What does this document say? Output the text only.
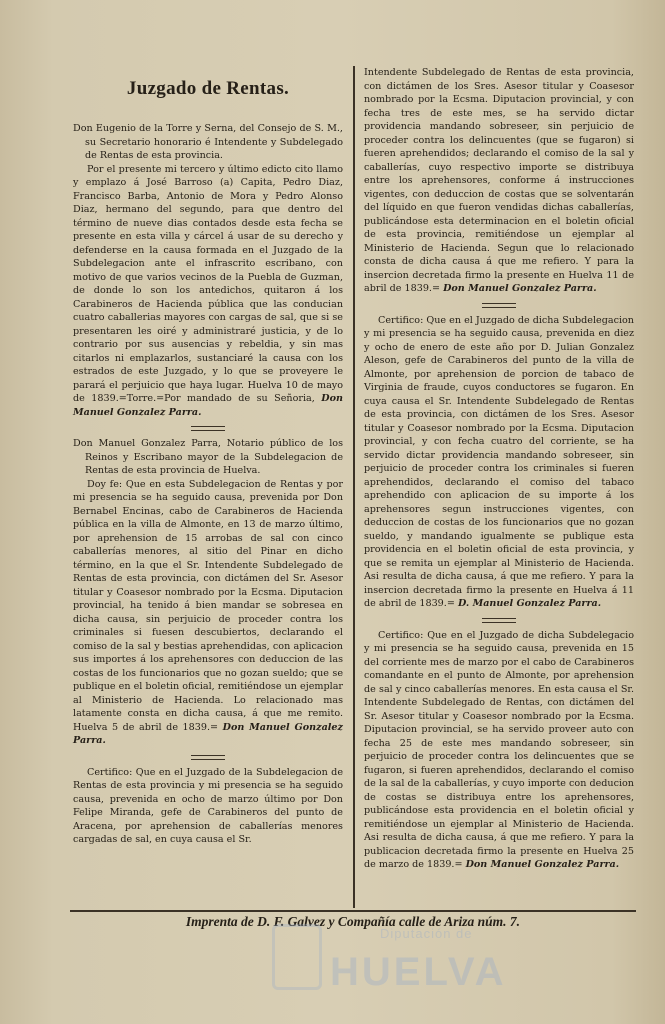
Juzgado de Rentas.

Don Eugenio de la Torre y Serna, del Consejo de S. M., su Secretario honorario é Intendente y Subdelegado de Rentas de esta provincia.

Por el presente mi tercero y último edicto cito llamo y emplazo á José Barroso (a) Capita, Pedro Diaz, Francisco Barba, Antonio de Mora y Pedro Alonso Diaz, hermano del segundo, para que dentro del término de nueve dias contados desde esta fecha se presente en esta villa y cárcel á usar de su derecho y defenderse en la causa formada en el Juzgado de la Subdelegacion ante el infrascrito escribano, con motivo de que varios vecinos de la Puebla de Guzman, de donde lo son los antedichos, quitaron á los Carabineros de Hacienda pública que las conducian cuatro caballerias mayores con cargas de sal, que si se presentaren les oiré y administraré justicia, y de lo contrario por sus ausencias y rebeldia, y sin mas citarlos ni emplazarlos, sustanciaré la causa con los estrados de este Juzgado, y lo que se proveyere le parará el perjuicio que haya lugar. Huelva 10 de mayo de 1839.=Torre.=Por mandado de su Señoria, Don Manuel Gonzalez Parra.

Don Manuel Gonzalez Parra, Notario público de los Reinos y Escribano mayor de la Subdelegacion de Rentas de esta provincia de Huelva.

Doy fe: Que en esta Subdelegacion de Rentas y por mi presencia se ha seguido causa, prevenida por Don Bernabel Encinas, cabo de Carabineros de Hacienda pública en la villa de Almonte, en 13 de marzo último, por aprehension de 15 arrobas de sal con cinco caballerías menores, al sitio del Pinar en dicho término, en la que el Sr. Intendente Subdelegado de Rentas de esta provincia, con dictámen del Sr. Asesor titular y Coasesor nombrado por la Ecsma. Diputacion provincial, ha tenido á bien mandar se sobresea en dicha causa, sin perjuicio de proceder contra los criminales si fuesen descubiertos, declarando el comiso de la sal y bestias aprehendidas, con aplicacion sus importes á los aprehensores con deduccion de las costas de los funcionarios que no gozan sueldo; que se publique en el boletin oficial, remitiéndose un ejemplar al Ministerio de Hacienda. Lo relacionado mas latamente consta en dicha causa, á que me remito. Huelva 5 de abril de 1839.= Don Manuel Gonzalez Parra.

Certifico: Que en el Juzgado de la Subdelegacion de Rentas de esta provincia y mi presencia se ha seguido causa, prevenida en ocho de marzo último por Don Felipe Miranda, gefe de Carabineros del punto de Aracena, por aprehension de caballerías menores cargadas de sal, en cuya causa el Sr.

Intendente Subdelegado de Rentas de esta provincia, con dictámen de los Sres. Asesor titular y Coasesor nombrado por la Ecsma. Diputacion provincial, y con fecha tres de este mes, se ha servido dictar providencia mandando sobreseer, sin perjuicio de proceder contra los delincuentes (que se fugaron) si fueren aprehendidos; declarando el comiso de la sal y caballerías, cuyo respectivo importe se distribuya entre los aprehensores, conforme á instrucciones vigentes, con deduccion de costas que se solventarán del líquido en que fueron vendidas dichas caballerías, publicándose esta determinacion en el boletin oficial de esta provincia, remitiéndose un ejemplar al Ministerio de Hacienda. Segun que lo relacionado consta de dicha causa á que me refiero. Y para la insercion decretada firmo la presente en Huelva 11 de abril de 1839.= Don Manuel Gonzalez Parra.

Certifico: Que en el Juzgado de dicha Subdelegacion y mi presencia se ha seguido causa, prevenida en diez y ocho de enero de este año por D. Julian Gonzalez Aleson, gefe de Carabineros del punto de la villa de Almonte, por aprehension de porcion de tabaco de Virginia de fraude, cuyos conductores se fugaron. En cuya causa el Sr. Intendente Subdelegado de Rentas de esta provincia, con dictámen de los Sres. Asesor titular y Coasesor nombrado por la Ecsma. Diputacion provincial, y con fecha cuatro del corriente, se ha servido dictar providencia mandando sobreseer, sin perjuicio de proceder contra los criminales si fueren aprehendidos, declarando el comiso del tabaco aprehendido con aplicacion de su importe á los aprehensores segun instrucciones vigentes, con deduccion de costas de los funcionarios que no gozan sueldo, y mandando igualmente se publique esta providencia en el boletin oficial de esta provincia, y que se remita un ejemplar al Ministerio de Hacienda. Asi resulta de dicha causa, á que me refiero. Y para la insercion decretada firmo la presente en Huelva á 11 de abril de 1839.= D. Manuel Gonzalez Parra.

Certifico: Que en el Juzgado de dicha Subdelegacio y mi presencia se ha seguido causa, prevenida en 15 del corriente mes de marzo por el cabo de Carabineros comandante en el punto de Almonte, por aprehension de sal y cinco caballerías menores. En esta causa el Sr. Intendente Subdelegado de Rentas, con dictámen del Sr. Asesor titular y Coasesor nombrado por la Ecsma. Diputacion provincial, se ha servido proveer auto con fecha 25 de este mes mandando sobreseer, sin perjuicio de proceder contra los delincuentes que se fugaron, si fueren aprehendidos, declarando el comiso de la sal de la caballerías, y cuyo importe con deducion de costas se distribuya entre los aprehensores, publicándose esta providencia en el boletin oficial y remitiéndose un ejemplar al Ministerio de Hacienda. Asi resulta de dicha causa, á que me refiero. Y para la publicacion decretada firmo la presente en Huelva 25 de marzo de 1839.= Don Manuel Gonzalez Parra.

Imprenta de D. F. Galvez y Compañía calle de Ariza núm. 7.
Diputación de
HUELVA
